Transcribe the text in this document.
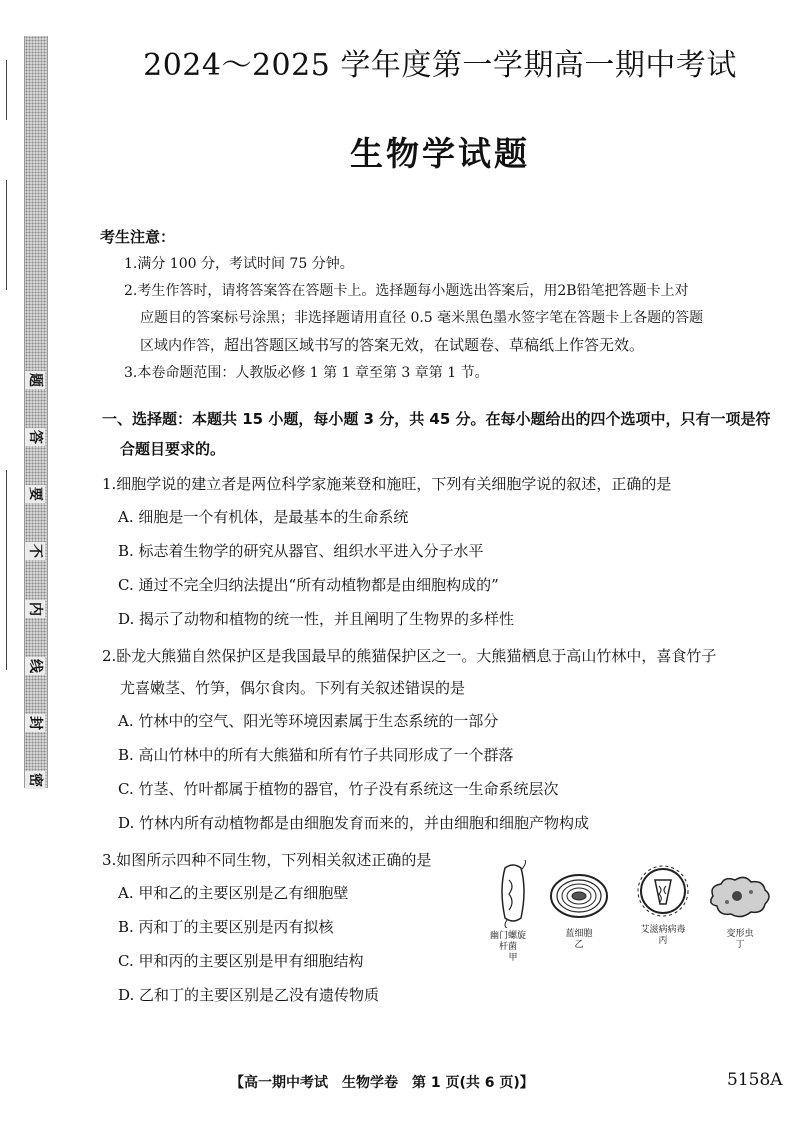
题
答
要
不
内
线
封
密
2024～2025 学年度第一学期高一期中考试
生物学试题
考生注意：
1.满分 100 分，考试时间 75 分钟。
2.考生作答时，请将答案答在答题卡上。选择题每小题选出答案后，用2B铅笔把答题卡上对
应题目的答案标号涂黑；非选择题请用直径 0.5 毫米黑色墨水签字笔在答题卡上各题的答题
区域内作答，超出答题区域书写的答案无效，在试题卷、草稿纸上作答无效。
3.本卷命题范围：人教版必修 1 第 1 章至第 3 章第 1 节。
一、选择题：本题共 15 小题，每小题 3 分，共 45 分。在每小题给出的四个选项中，只有一项是符
合题目要求的。
1.细胞学说的建立者是两位科学家施莱登和施旺，下列有关细胞学说的叙述，正确的是
A. 细胞是一个有机体，是最基本的生命系统
B. 标志着生物学的研究从器官、组织水平进入分子水平
C. 通过不完全归纳法提出“所有动植物都是由细胞构成的”
D. 揭示了动物和植物的统一性，并且阐明了生物界的多样性
2.卧龙大熊猫自然保护区是我国最早的熊猫保护区之一。大熊猫栖息于高山竹林中，喜食竹子
尤喜嫩茎、竹笋，偶尔食肉。下列有关叙述错误的是
A. 竹林中的空气、阳光等环境因素属于生态系统的一部分
B. 高山竹林中的所有大熊猫和所有竹子共同形成了一个群落
C. 竹茎、竹叶都属于植物的器官，竹子没有系统这一生命系统层次
D. 竹林内所有动植物都是由细胞发育而来的，并由细胞和细胞产物构成
3.如图所示四种不同生物，下列相关叙述正确的是
A. 甲和乙的主要区别是乙有细胞壁
B. 丙和丁的主要区别是丙有拟核
C. 甲和丙的主要区别是甲有细胞结构
D. 乙和丁的主要区别是乙没有遗传物质
幽门螺旋杆菌
甲
蓝细胞
乙
艾滋病病毒
丙
变形虫
丁
【高一期中考试　生物学卷　第 1 页(共 6 页)】	5158A
